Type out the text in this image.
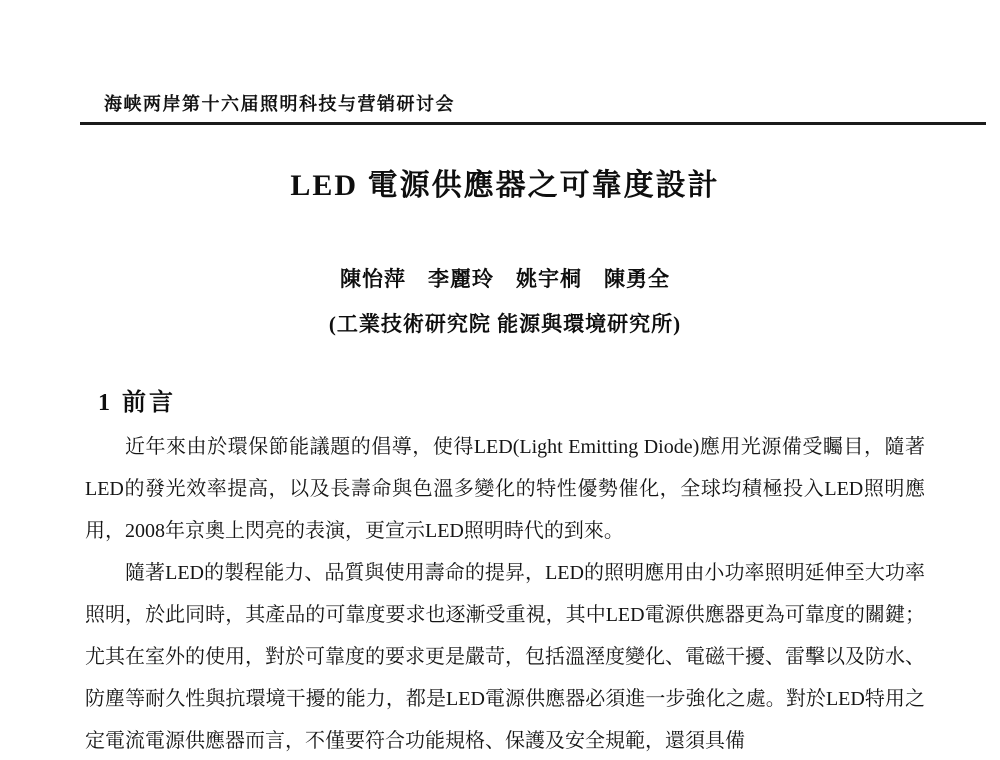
海峡两岸第十六届照明科技与营销研讨会
LED 電源供應器之可靠度設計
陳怡萍　李麗玲　姚宇桐　陳勇全
(工業技術研究院 能源與環境研究所)
1 前言

近年來由於環保節能議題的倡導，使得LED(Light Emitting Diode)應用光源備受矚目，隨著LED的發光效率提高，以及長壽命與色溫多變化的特性優勢催化，全球均積極投入LED照明應用，2008年京奧上閃亮的表演，更宣示LED照明時代的到來。

隨著LED的製程能力、品質與使用壽命的提昇，LED的照明應用由小功率照明延伸至大功率照明，於此同時，其產品的可靠度要求也逐漸受重視，其中LED電源供應器更為可靠度的關鍵；尤其在室外的使用，對於可靠度的要求更是嚴苛，包括溫溼度變化、電磁干擾、雷擊以及防水、防塵等耐久性與抗環境干擾的能力，都是LED電源供應器必須進一步強化之處。對於LED特用之定電流電源供應器而言，不僅要符合功能規格、保護及安全規範，還須具備
